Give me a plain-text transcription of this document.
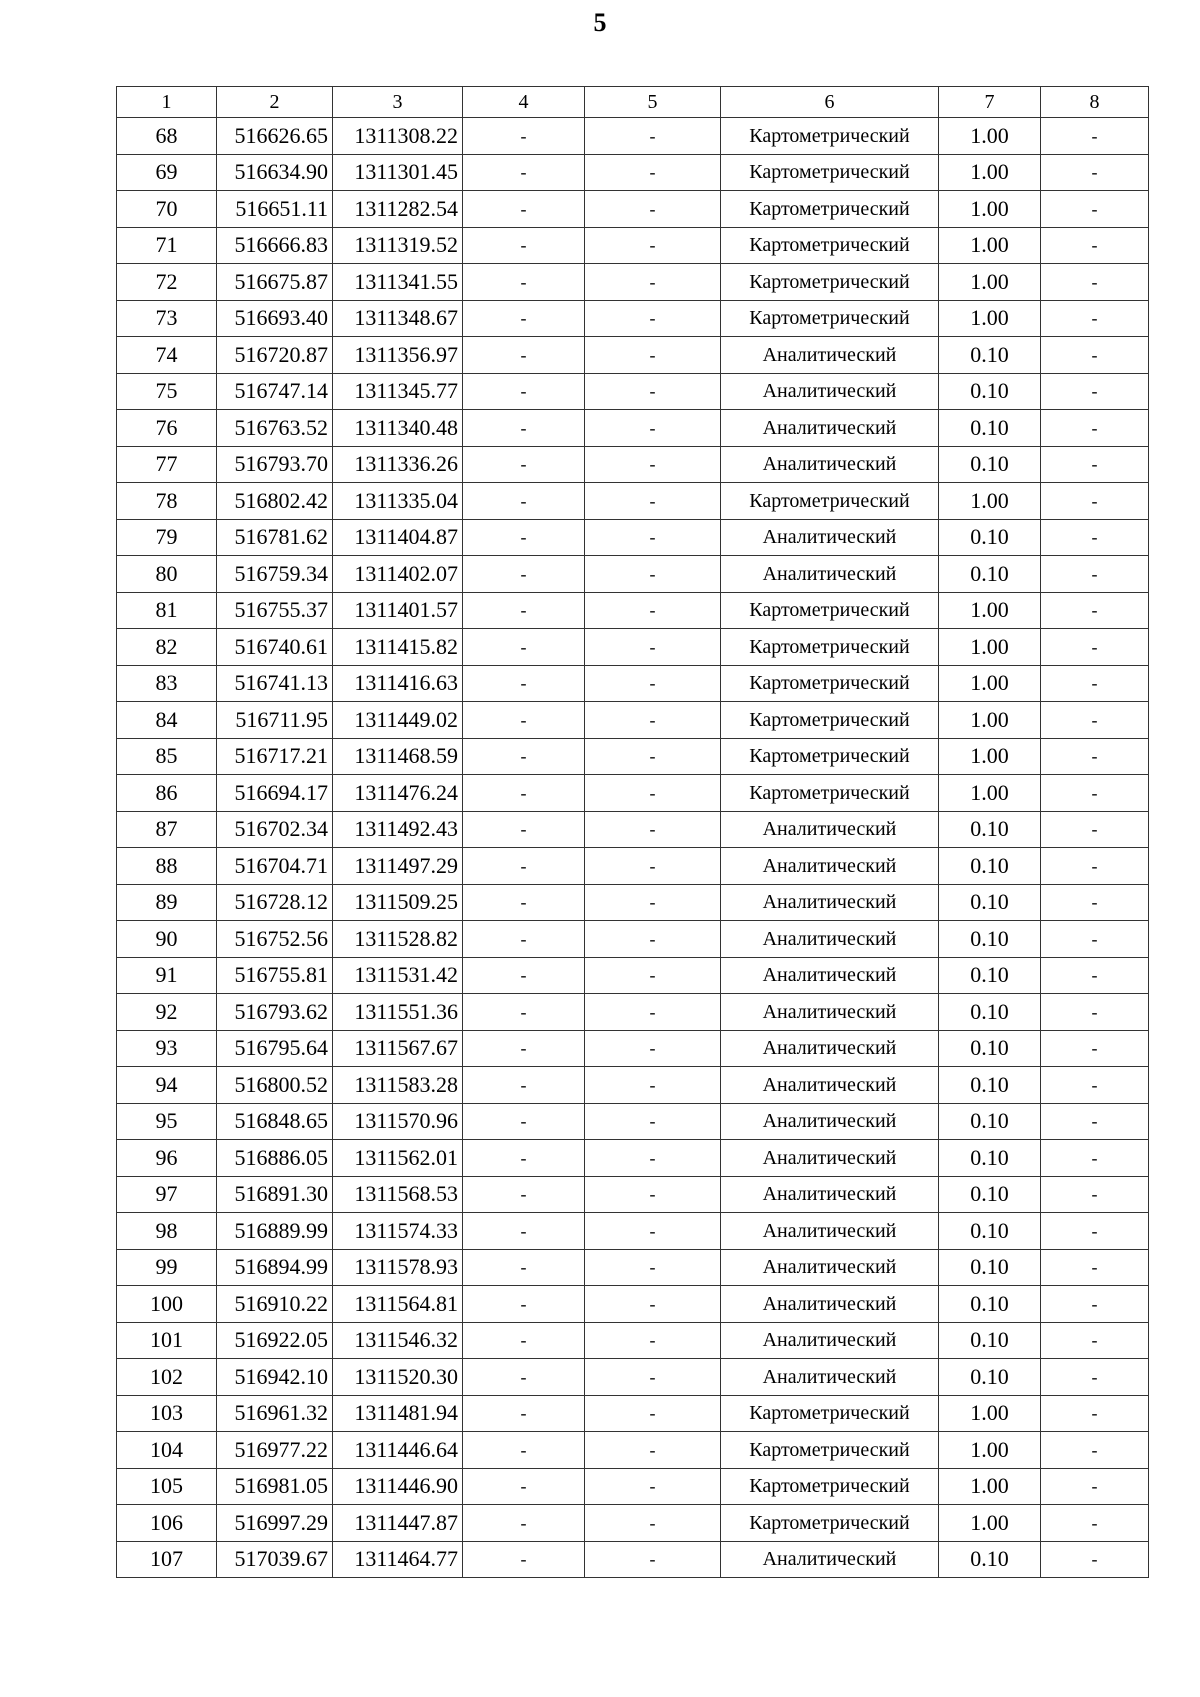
5
1	2	3	4	5	6	7	8
68	516626.65	1311308.22	-	-	Картометрический	1.00	-
69	516634.90	1311301.45	-	-	Картометрический	1.00	-
70	516651.11	1311282.54	-	-	Картометрический	1.00	-
71	516666.83	1311319.52	-	-	Картометрический	1.00	-
72	516675.87	1311341.55	-	-	Картометрический	1.00	-
73	516693.40	1311348.67	-	-	Картометрический	1.00	-
74	516720.87	1311356.97	-	-	Аналитический	0.10	-
75	516747.14	1311345.77	-	-	Аналитический	0.10	-
76	516763.52	1311340.48	-	-	Аналитический	0.10	-
77	516793.70	1311336.26	-	-	Аналитический	0.10	-
78	516802.42	1311335.04	-	-	Картометрический	1.00	-
79	516781.62	1311404.87	-	-	Аналитический	0.10	-
80	516759.34	1311402.07	-	-	Аналитический	0.10	-
81	516755.37	1311401.57	-	-	Картометрический	1.00	-
82	516740.61	1311415.82	-	-	Картометрический	1.00	-
83	516741.13	1311416.63	-	-	Картометрический	1.00	-
84	516711.95	1311449.02	-	-	Картометрический	1.00	-
85	516717.21	1311468.59	-	-	Картометрический	1.00	-
86	516694.17	1311476.24	-	-	Картометрический	1.00	-
87	516702.34	1311492.43	-	-	Аналитический	0.10	-
88	516704.71	1311497.29	-	-	Аналитический	0.10	-
89	516728.12	1311509.25	-	-	Аналитический	0.10	-
90	516752.56	1311528.82	-	-	Аналитический	0.10	-
91	516755.81	1311531.42	-	-	Аналитический	0.10	-
92	516793.62	1311551.36	-	-	Аналитический	0.10	-
93	516795.64	1311567.67	-	-	Аналитический	0.10	-
94	516800.52	1311583.28	-	-	Аналитический	0.10	-
95	516848.65	1311570.96	-	-	Аналитический	0.10	-
96	516886.05	1311562.01	-	-	Аналитический	0.10	-
97	516891.30	1311568.53	-	-	Аналитический	0.10	-
98	516889.99	1311574.33	-	-	Аналитический	0.10	-
99	516894.99	1311578.93	-	-	Аналитический	0.10	-
100	516910.22	1311564.81	-	-	Аналитический	0.10	-
101	516922.05	1311546.32	-	-	Аналитический	0.10	-
102	516942.10	1311520.30	-	-	Аналитический	0.10	-
103	516961.32	1311481.94	-	-	Картометрический	1.00	-
104	516977.22	1311446.64	-	-	Картометрический	1.00	-
105	516981.05	1311446.90	-	-	Картометрический	1.00	-
106	516997.29	1311447.87	-	-	Картометрический	1.00	-
107	517039.67	1311464.77	-	-	Аналитический	0.10	-
